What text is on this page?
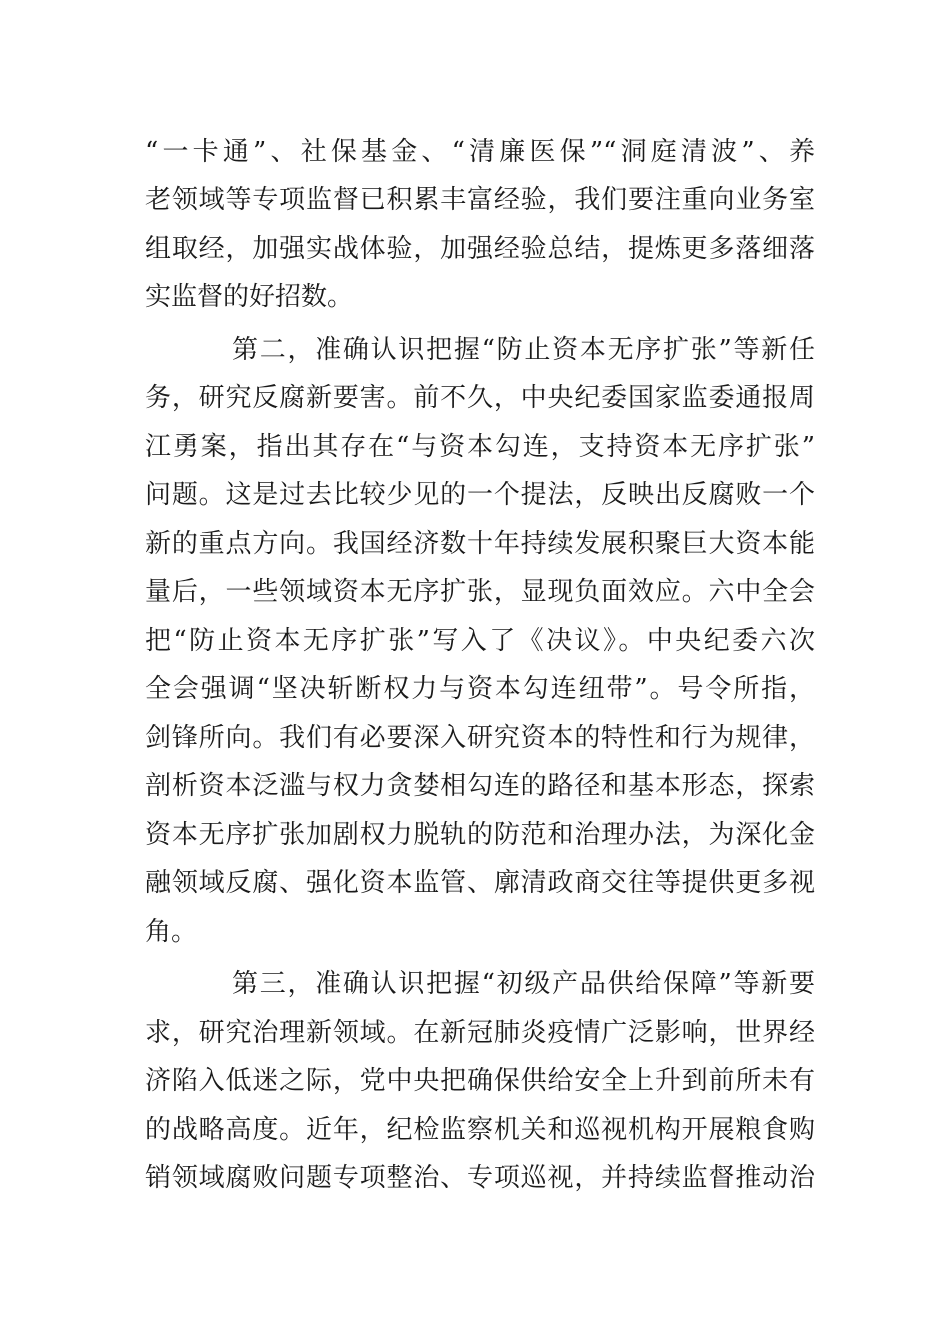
“一卡通”、社保基金、“清廉医保”“洞庭清波”、养
老领域等专项监督已积累丰富经验，我们要注重向业务室
组取经，加强实战体验，加强经验总结，提炼更多落细落
实监督的好招数。
第二，准确认识把握“防止资本无序扩张”等新任
务，研究反腐新要害。前不久，中央纪委国家监委通报周
江勇案，指出其存在“与资本勾连，支持资本无序扩张”
问题。这是过去比较少见的一个提法，反映出反腐败一个
新的重点方向。我国经济数十年持续发展积聚巨大资本能
量后，一些领域资本无序扩张，显现负面效应。六中全会
把“防止资本无序扩张”写入了《决议》。中央纪委六次
全会强调“坚决斩断权力与资本勾连纽带”。号令所指，
剑锋所向。我们有必要深入研究资本的特性和行为规律，
剖析资本泛滥与权力贪婪相勾连的路径和基本形态，探索
资本无序扩张加剧权力脱轨的防范和治理办法，为深化金
融领域反腐、强化资本监管、廓清政商交往等提供更多视
角。
第三，准确认识把握“初级产品供给保障”等新要
求，研究治理新领域。在新冠肺炎疫情广泛影响，世界经
济陷入低迷之际，党中央把确保供给安全上升到前所未有
的战略高度。近年，纪检监察机关和巡视机构开展粮食购
销领域腐败问题专项整治、专项巡视，并持续监督推动治
